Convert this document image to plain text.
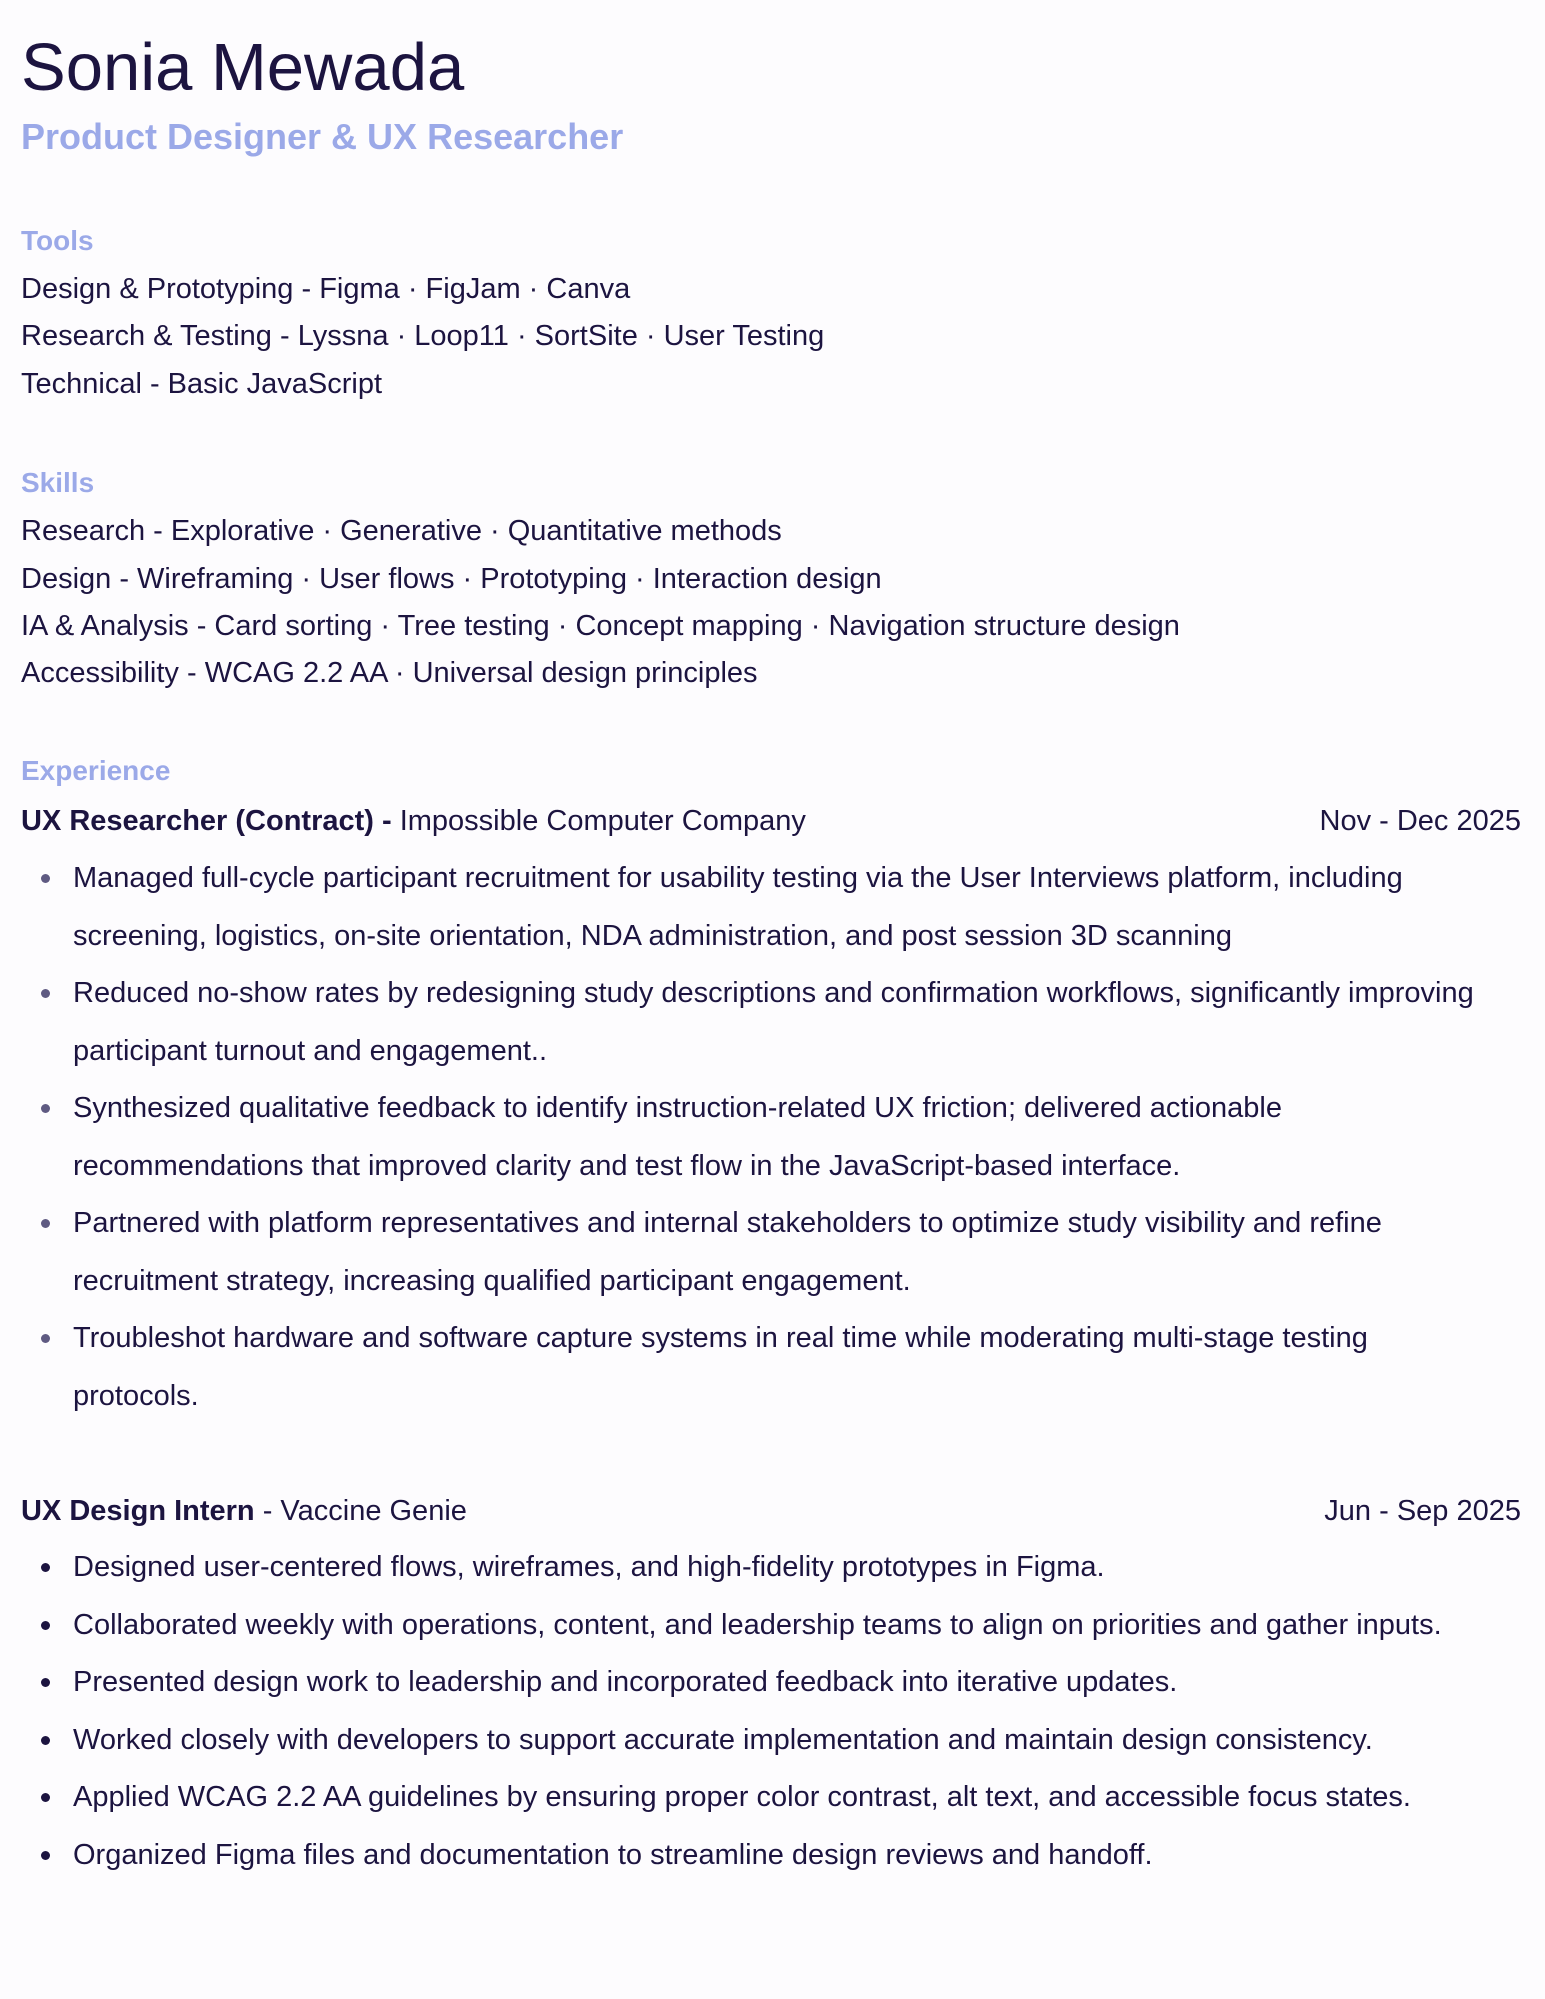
Sonia Mewada
Product Designer & UX Researcher
Tools
Design & Prototyping - Figma · FigJam · Canva
Research & Testing - Lyssna · Loop11 · SortSite · User Testing
Technical - Basic JavaScript
Skills
Research - Explorative · Generative · Quantitative methods
Design - Wireframing · User flows · Prototyping · Interaction design
IA & Analysis - Card sorting · Tree testing · Concept mapping · Navigation structure design
Accessibility - WCAG 2.2 AA · Universal design principles
Experience
UX Researcher (Contract) - Impossible Computer Company	Nov - Dec 2025
Managed full-cycle participant recruitment for usability testing via the User Interviews platform, including screening, logistics, on-site orientation, NDA administration, and post session 3D scanning
Reduced no-show rates by redesigning study descriptions and confirmation workflows, significantly improving participant turnout and engagement..
Synthesized qualitative feedback to identify instruction-related UX friction; delivered actionable recommendations that improved clarity and test flow in the JavaScript-based interface.
Partnered with platform representatives and internal stakeholders to optimize study visibility and refine recruitment strategy, increasing qualified participant engagement.
Troubleshot hardware and software capture systems in real time while moderating multi-stage testing protocols.
UX Design Intern - Vaccine Genie	Jun - Sep 2025
Designed user-centered flows, wireframes, and high-fidelity prototypes in Figma.
Collaborated weekly with operations, content, and leadership teams to align on priorities and gather inputs.
Presented design work to leadership and incorporated feedback into iterative updates.
Worked closely with developers to support accurate implementation and maintain design consistency.
Applied WCAG 2.2 AA guidelines by ensuring proper color contrast, alt text, and accessible focus states.
Organized Figma files and documentation to streamline design reviews and handoff.
